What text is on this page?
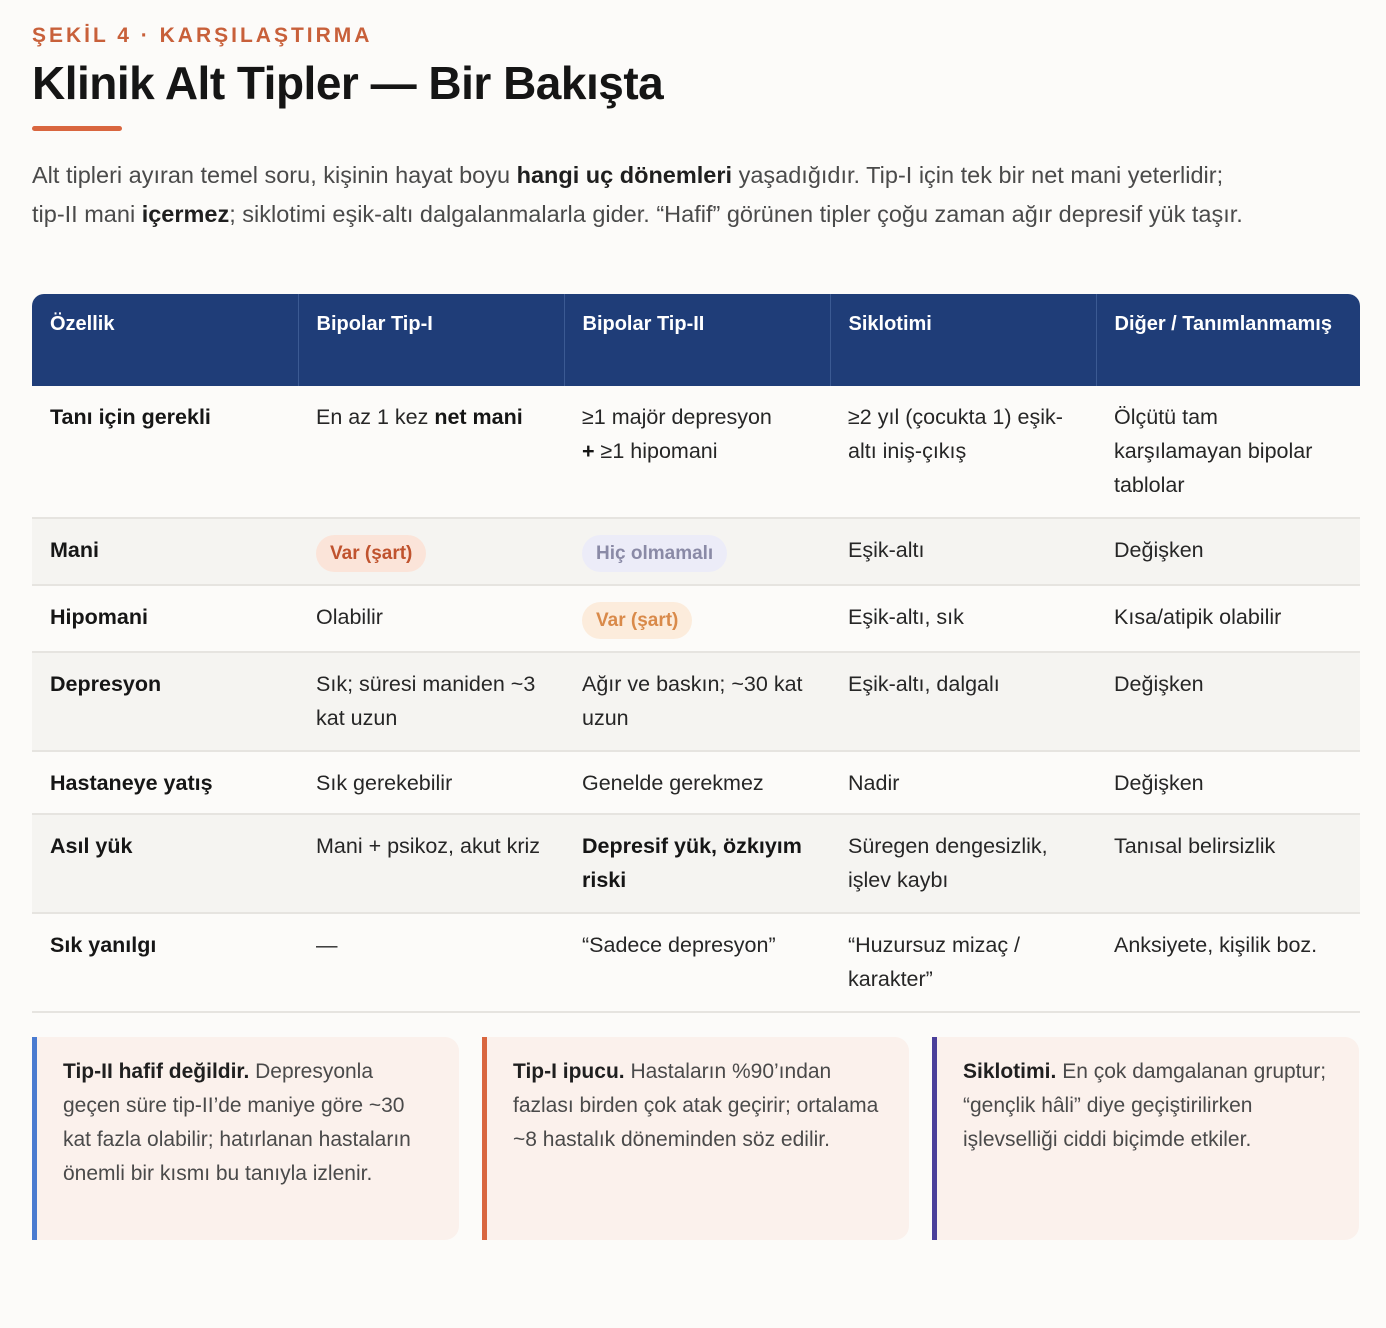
ŞEKİL 4 · KARŞILAŞTIRMA
Klinik Alt Tipler — Bir Bakışta

Alt tipleri ayıran temel soru, kişinin hayat boyu hangi uç dönemleri yaşadığıdır. Tip-I için tek bir net mani yeterlidir; tip-II mani içermez; siklotimi eşik-altı dalgalanmalarla gider. “Hafif” görünen tipler çoğu zaman ağır depresif yük taşır.

Özellik	Bipolar Tip-I	Bipolar Tip-II	Siklotimi	Diğer / Tanımlanmamış
Tanı için gerekli	En az 1 kez net mani	≥1 majör depresyon
+ ≥1 hipomani	≥2 yıl (çocukta 1) eşik-altı iniş-çıkış	Ölçütü tam karşılamayan bipolar tablolar
Mani	Var (şart)	Hiç olmamalı	Eşik-altı	Değişken
Hipomani	Olabilir	Var (şart)	Eşik-altı, sık	Kısa/atipik olabilir
Depresyon	Sık; süresi maniden ~3 kat uzun	Ağır ve baskın; ~30 kat uzun	Eşik-altı, dalgalı	Değişken
Hastaneye yatış	Sık gerekebilir	Genelde gerekmez	Nadir	Değişken
Asıl yük	Mani + psikoz, akut kriz	Depresif yük, özkıyım riski	Süregen dengesizlik, işlev kaybı	Tanısal belirsizlik
Sık yanılgı	—	“Sadece depresyon”	“Huzursuz mizaç / karakter”	Anksiyete, kişilik boz.
Tip-II hafif değildir. Depresyonla geçen süre tip-II’de maniye göre ~30 kat fazla olabilir; hatırlanan hastaların önemli bir kısmı bu tanıyla izlenir.
Tip-I ipucu. Hastaların %90’ından fazlası birden çok atak geçirir; ortalama ~8 hastalık döneminden söz edilir.
Siklotimi. En çok damgalanan gruptur; “gençlik hâli” diye geçiştirilirken işlevselliği ciddi biçimde etkiler.
